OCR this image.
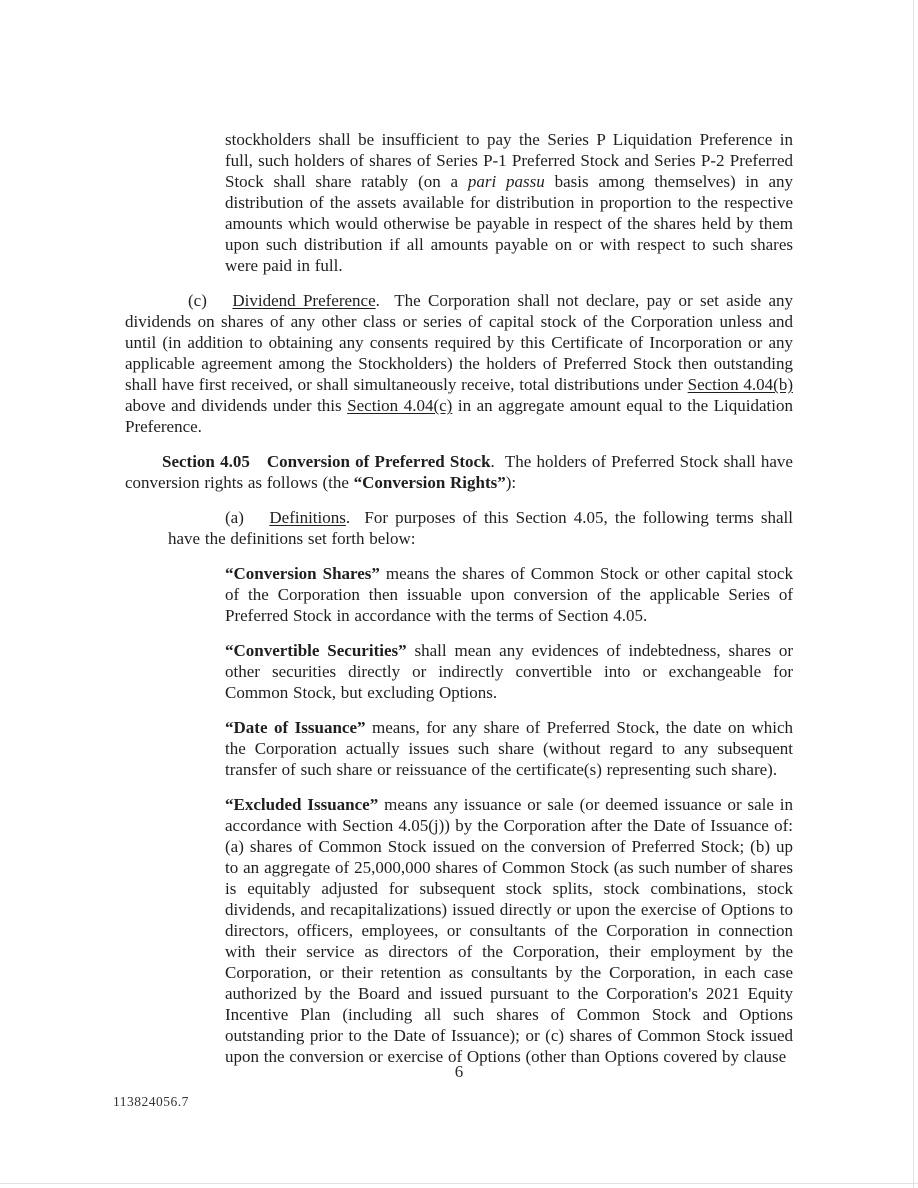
stockholders shall be insufficient to pay the Series P Liquidation Preference in full, such holders of shares of Series P-1 Preferred Stock and Series P-2 Preferred Stock shall share ratably (on a pari passu basis among themselves) in any distribution of the assets available for distribution in proportion to the respective amounts which would otherwise be payable in respect of the shares held by them upon such distribution if all amounts payable on or with respect to such shares were paid in full.

(c)  Dividend Preference.  The Corporation shall not declare, pay or set aside any dividends on shares of any other class or series of capital stock of the Corporation unless and until (in addition to obtaining any consents required by this Certificate of Incorporation or any applicable agreement among the Stockholders) the holders of Preferred Stock then outstanding shall have first received, or shall simultaneously receive, total distributions under Section 4.04(b) above and dividends under this Section 4.04(c) in an aggregate amount equal to the Liquidation Preference.

Section 4.05  Conversion of Preferred Stock.  The holders of Preferred Stock shall have conversion rights as follows (the “Conversion Rights”):

(a)  Definitions.  For purposes of this Section 4.05, the following terms shall have the definitions set forth below:

“Conversion Shares” means the shares of Common Stock or other capital stock of the Corporation then issuable upon conversion of the applicable Series of Preferred Stock in accordance with the terms of Section 4.05.

“Convertible Securities” shall mean any evidences of indebtedness, shares or other securities directly or indirectly convertible into or exchangeable for Common Stock, but excluding Options.

“Date of Issuance” means, for any share of Preferred Stock, the date on which the Corporation actually issues such share (without regard to any subsequent transfer of such share or reissuance of the certificate(s) representing such share).

“Excluded Issuance” means any issuance or sale (or deemed issuance or sale in accordance with Section 4.05(j)) by the Corporation after the Date of Issuance of: (a) shares of Common Stock issued on the conversion of Preferred Stock; (b) up to an aggregate of 25,000,000 shares of Common Stock (as such number of shares is equitably adjusted for subsequent stock splits, stock combinations, stock dividends, and recapitalizations) issued directly or upon the exercise of Options to directors, officers, employees, or consultants of the Corporation in connection with their service as directors of the Corporation, their employment by the Corporation, or their retention as consultants by the Corporation, in each case authorized by the Board and issued pursuant to the Corporation's 2021 Equity Incentive Plan (including all such shares of Common Stock and Options outstanding prior to the Date of Issuance); or (c) shares of Common Stock issued upon the conversion or exercise of Options (other than Options covered by clause

6
113824056.7
